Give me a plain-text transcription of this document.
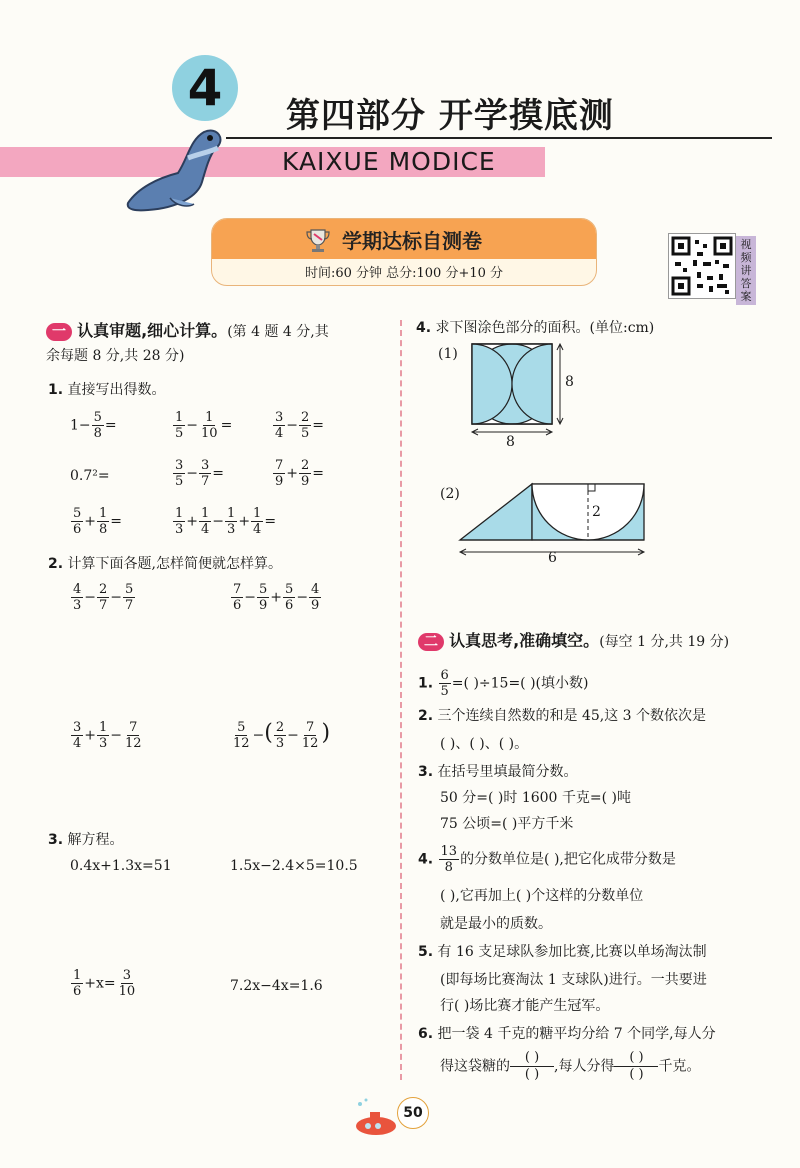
4	第四部分 开学摸底测
KAIXUE MODICE
学期达标自测卷
时间:60 分钟 总分:100 分+10 分
视频讲答案
一 认真审题,细心计算。(第 4 题 4 分,其
余每题 8 分,共 28 分)
1. 直接写出得数。
$1- \frac{5}{8}$ =	$\frac{1}{5} - \frac{1}{10}$ =	$\frac{3}{4} - \frac{2}{5}$ =
0.7²=	$\frac{3}{5} - \frac{3}{7}$ =	$\frac{7}{9} + \frac{2}{9}$ =
$\frac{5}{6} + \frac{1}{8}$ =	$\frac{1}{3} + \frac{1}{4} - \frac{1}{3} + \frac{1}{4}$ =
2. 计算下面各题,怎样简便就怎样算。
$\frac{4}{3} - \frac{2}{7} - \frac{5}{7}$	$\frac{7}{6} - \frac{5}{9} + \frac{5}{6} - \frac{4}{9}$
$\frac{3}{4} + \frac{1}{3} - \frac{7}{12}$	$\frac{5}{12}$ −( $\frac{2}{3} - \frac{7}{12}$ )
3. 解方程。
0.4x+1.3x=51	1.5x−2.4×5=10.5
$\frac{1}{6} +x= \frac{3}{10}$	7.2x−4x=1.6
4. 求下图涂色部分的面积。(单位:cm)
(1)
8
8
(2)
2
6
二 认真思考,准确填空。(每空 1 分,共 19 分)
1. $\frac{6}{5}$ =( )÷15=( )(填小数)
2. 三个连续自然数的和是 45,这 3 个数依次是
( )、( )、( )。
3. 在括号里填最简分数。
50 分=( )时 1600 千克=( )吨
75 公顷=( )平方千米
4. $\frac{13}{8}$ 的分数单位是( ),把它化成带分数是
( ),它再加上( )个这样的分数单位
就是最小的质数。
5. 有 16 支足球队参加比赛,比赛以单场淘汰制
(即每场比赛淘汰 1 支球队)进行。一共要进
行( )场比赛才能产生冠军。
6. 把一袋 4 千克的糖平均分给 7 个同学,每人分
得这袋糖的 $\frac{( )}{( )}$ ,每人分得 $\frac{( )}{( )}$ 千克。
50
